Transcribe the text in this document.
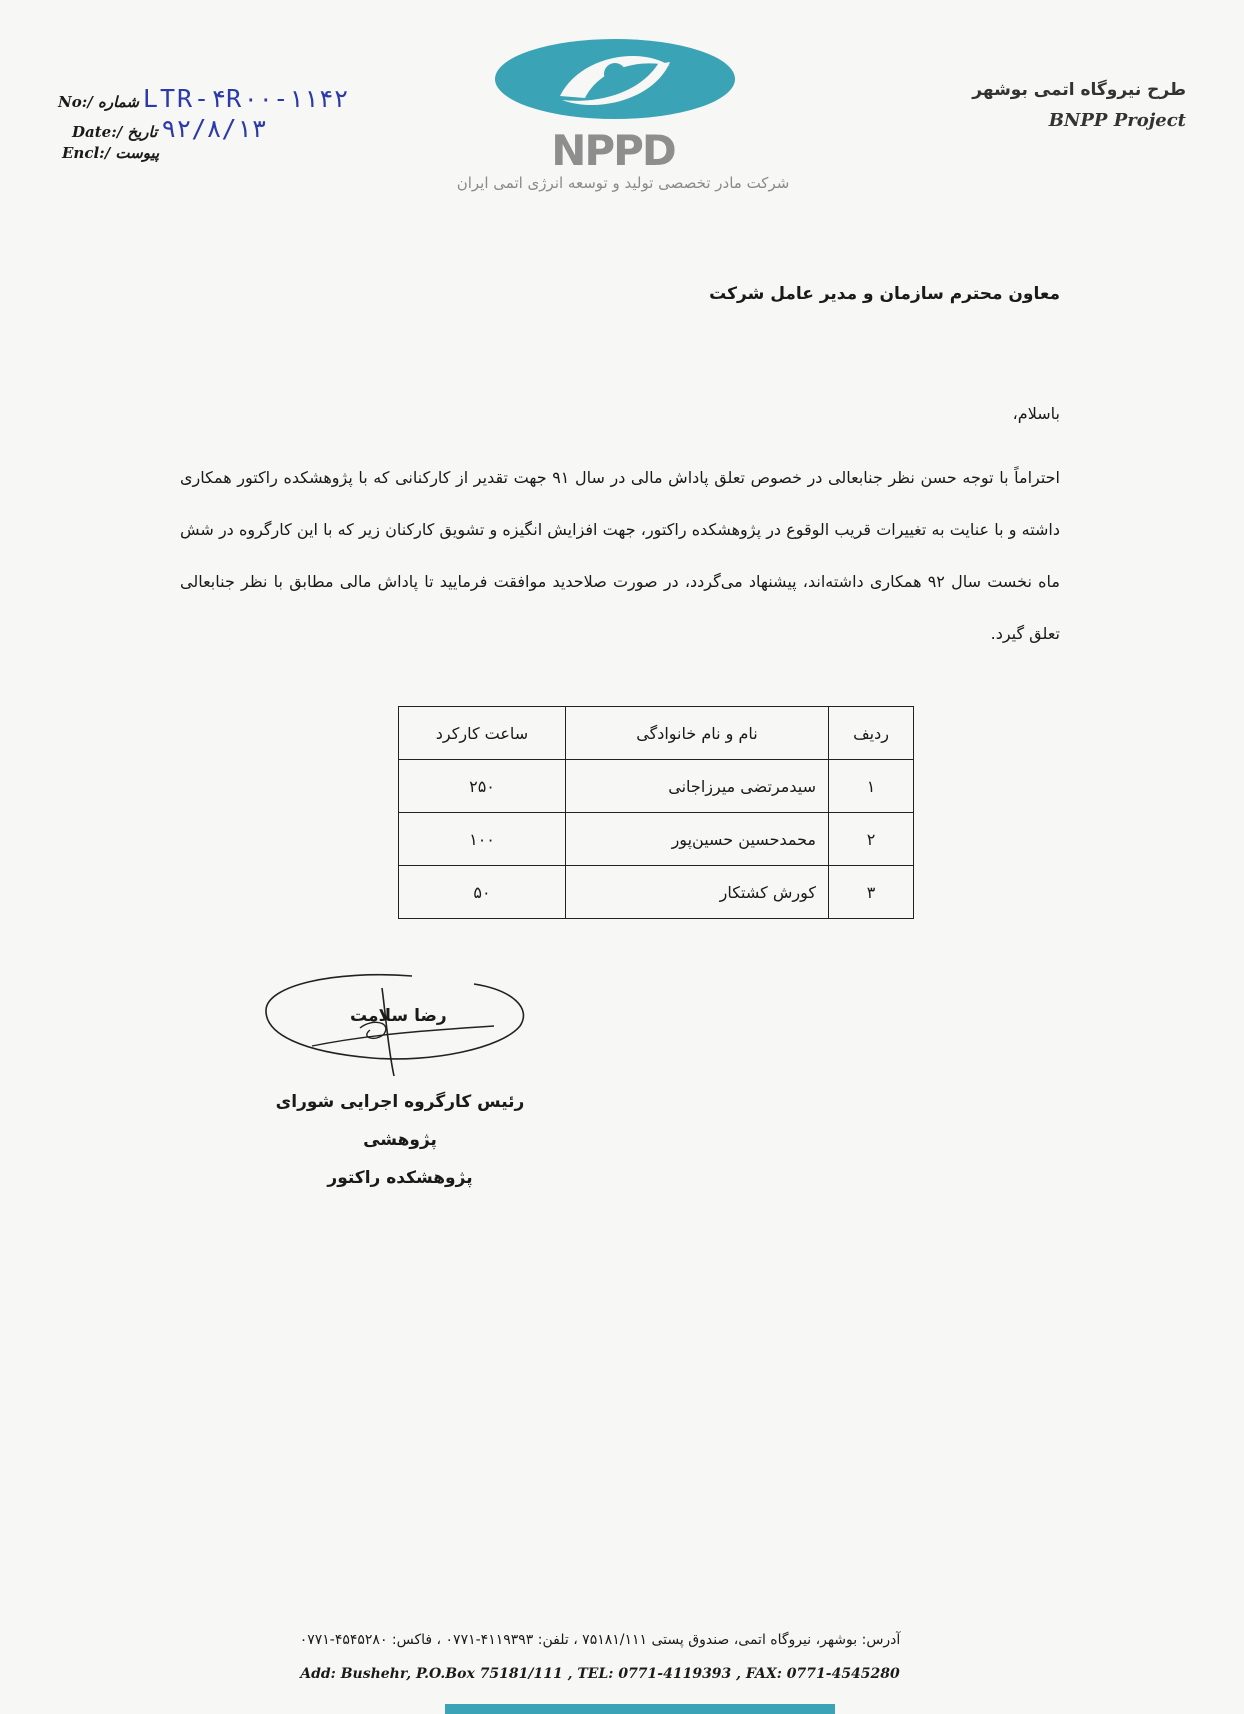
No:/ شماره LTR-۴R۰۰-۱۱۴۲
Date:/ تاریخ ۹۲/۸/۱۳
Encl:/ پیوست	NPPD
شرکت مادر تخصصی تولید و توسعه انرژی اتمی ایران
طرح نیروگاه اتمی بوشهر
BNPP Project
معاون محترم سازمان و مدیر عامل شرکت
باسلام،
احتراماً با توجه حسن نظر جنابعالی در خصوص تعلق پاداش مالی در سال ۹۱ جهت تقدیر از کارکنانی که با پژوهشکده راکتور همکاری داشته و با عنایت به تغییرات قریب الوقوع در پژوهشکده راکتور، جهت افزایش انگیزه و تشویق کارکنان زیر که با این کارگروه در شش ماه نخست سال ۹۲ همکاری داشته‌اند، پیشنهاد می‌گردد، در صورت صلاحدید موافقت فرمایید تا پاداش مالی مطابق با نظر جنابعالی تعلق گیرد.
ردیف	نام و نام خانوادگی	ساعت کارکرد
۱	سیدمرتضی میرزاجانی	۲۵۰
۲	محمدحسین حسین‌پور	۱۰۰
۳	کورش کشتکار	۵۰
رضا سلامت
رئیس کارگروه اجرایی شورای پژوهشی
پژوهشکده راکتور
آدرس: بوشهر، نیروگاه اتمی، صندوق پستی ۷۵۱۸۱/۱۱۱ ، تلفن: ۴۱۱۹۳۹۳-۰۷۷۱ ، فاکس: ۴۵۴۵۲۸۰-۰۷۷۱
Add: Bushehr, P.O.Box 75181/111 , TEL: 0771-4119393 , FAX: 0771-4545280
